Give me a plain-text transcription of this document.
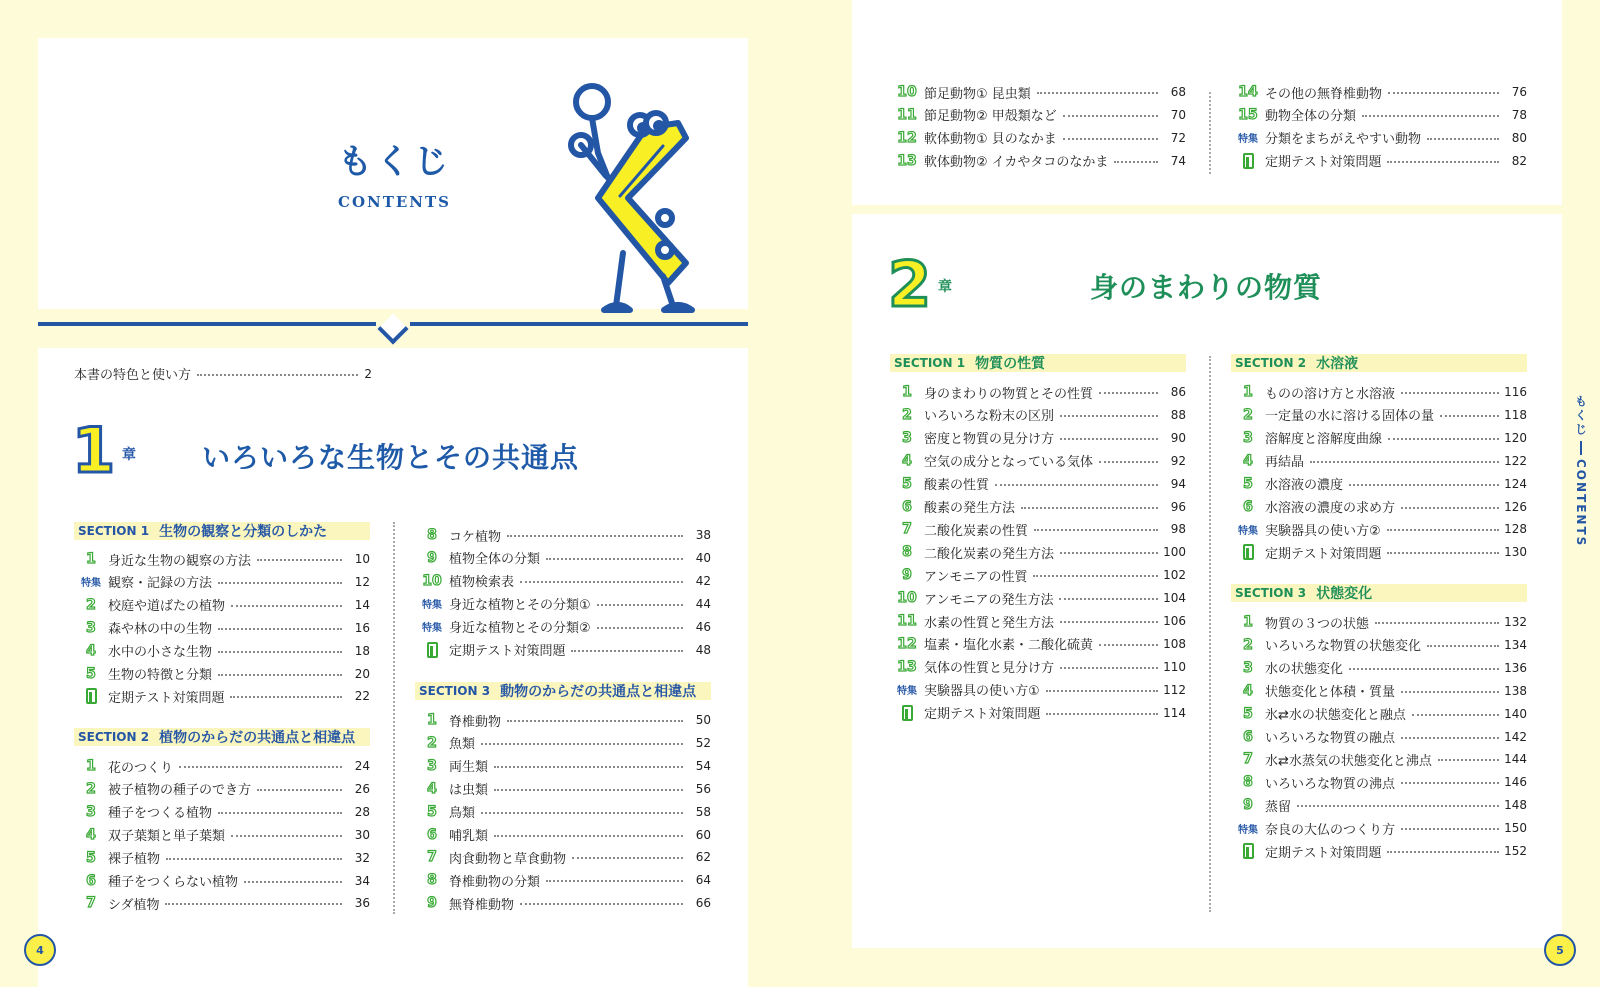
もくじ
CONTENTS
本書の特色と使い方	2
1 章 いろいろな生物とその共通点
SECTION 1 生物の観察と分類のしかた
SECTION 2 植物のからだの共通点と相違点
SECTION 3 動物のからだの共通点と相違点
2 章	身のまわりの物質
SECTION 1 物質の性質	SECTION 2 水溶液
SECTION 3 状態変化
1 身近な生物の観察の方法	10
特集 観察・記録の方法	12
2 校庭や道ばたの植物	14
3 森や林の中の生物	16
4 水中の小さな生物	18
5 生物の特徴と分類	20
定期テスト対策問題	22
1 花のつくり	24
2 被子植物の種子のでき方	26
3 種子をつくる植物	28
4 双子葉類と単子葉類	30
5 裸子植物	32
6 種子をつくらない植物	34
7 シダ植物	36
8 コケ植物	38
9 植物全体の分類	40
10 植物検索表	42
特集 身近な植物とその分類①	44
特集 身近な植物とその分類②	46
定期テスト対策問題	48
1 脊椎動物	50
2 魚類	52
3 両生類	54
4 は虫類	56
5 鳥類	58
6 哺乳類	60
7 肉食動物と草食動物	62
8 脊椎動物の分類	64
9 無脊椎動物	66
10 節足動物① 昆虫類	68
11 節足動物② 甲殻類など	70
12 軟体動物① 貝のなかま	72
13 軟体動物② イカやタコのなかま	74
14 その他の無脊椎動物	76
15 動物全体の分類	78
特集 分類をまちがえやすい動物	80
定期テスト対策問題	82
1 身のまわりの物質とその性質	86
2 いろいろな粉末の区別	88
3 密度と物質の見分け方	90
4 空気の成分となっている気体	92
5 酸素の性質	94
6 酸素の発生方法	96
7 二酸化炭素の性質	98
8 二酸化炭素の発生方法	100
9 アンモニアの性質	102
10 アンモニアの発生方法	104
11 水素の性質と発生方法	106
12 塩素・塩化水素・二酸化硫黄	108
13 気体の性質と見分け方	110
特集 実験器具の使い方①	112
定期テスト対策問題	114
1 ものの溶け方と水溶液	116
2 一定量の水に溶ける固体の量	118
3 溶解度と溶解度曲線	120
4 再結晶	122
5 水溶液の濃度	124
6 水溶液の濃度の求め方	126
特集 実験器具の使い方②	128
定期テスト対策問題	130
1 物質の３つの状態	132
2 いろいろな物質の状態変化	134
3 水の状態変化	136
4 状態変化と体積・質量	138
5 氷⇄水の状態変化と融点	140
6 いろいろな物質の融点	142
7 水⇄水蒸気の状態変化と沸点	144
8 いろいろな物質の沸点	146
9 蒸留	148
特集 奈良の大仏のつくり方	150
定期テスト対策問題	152
4	5
もくじ
CONTENTS
